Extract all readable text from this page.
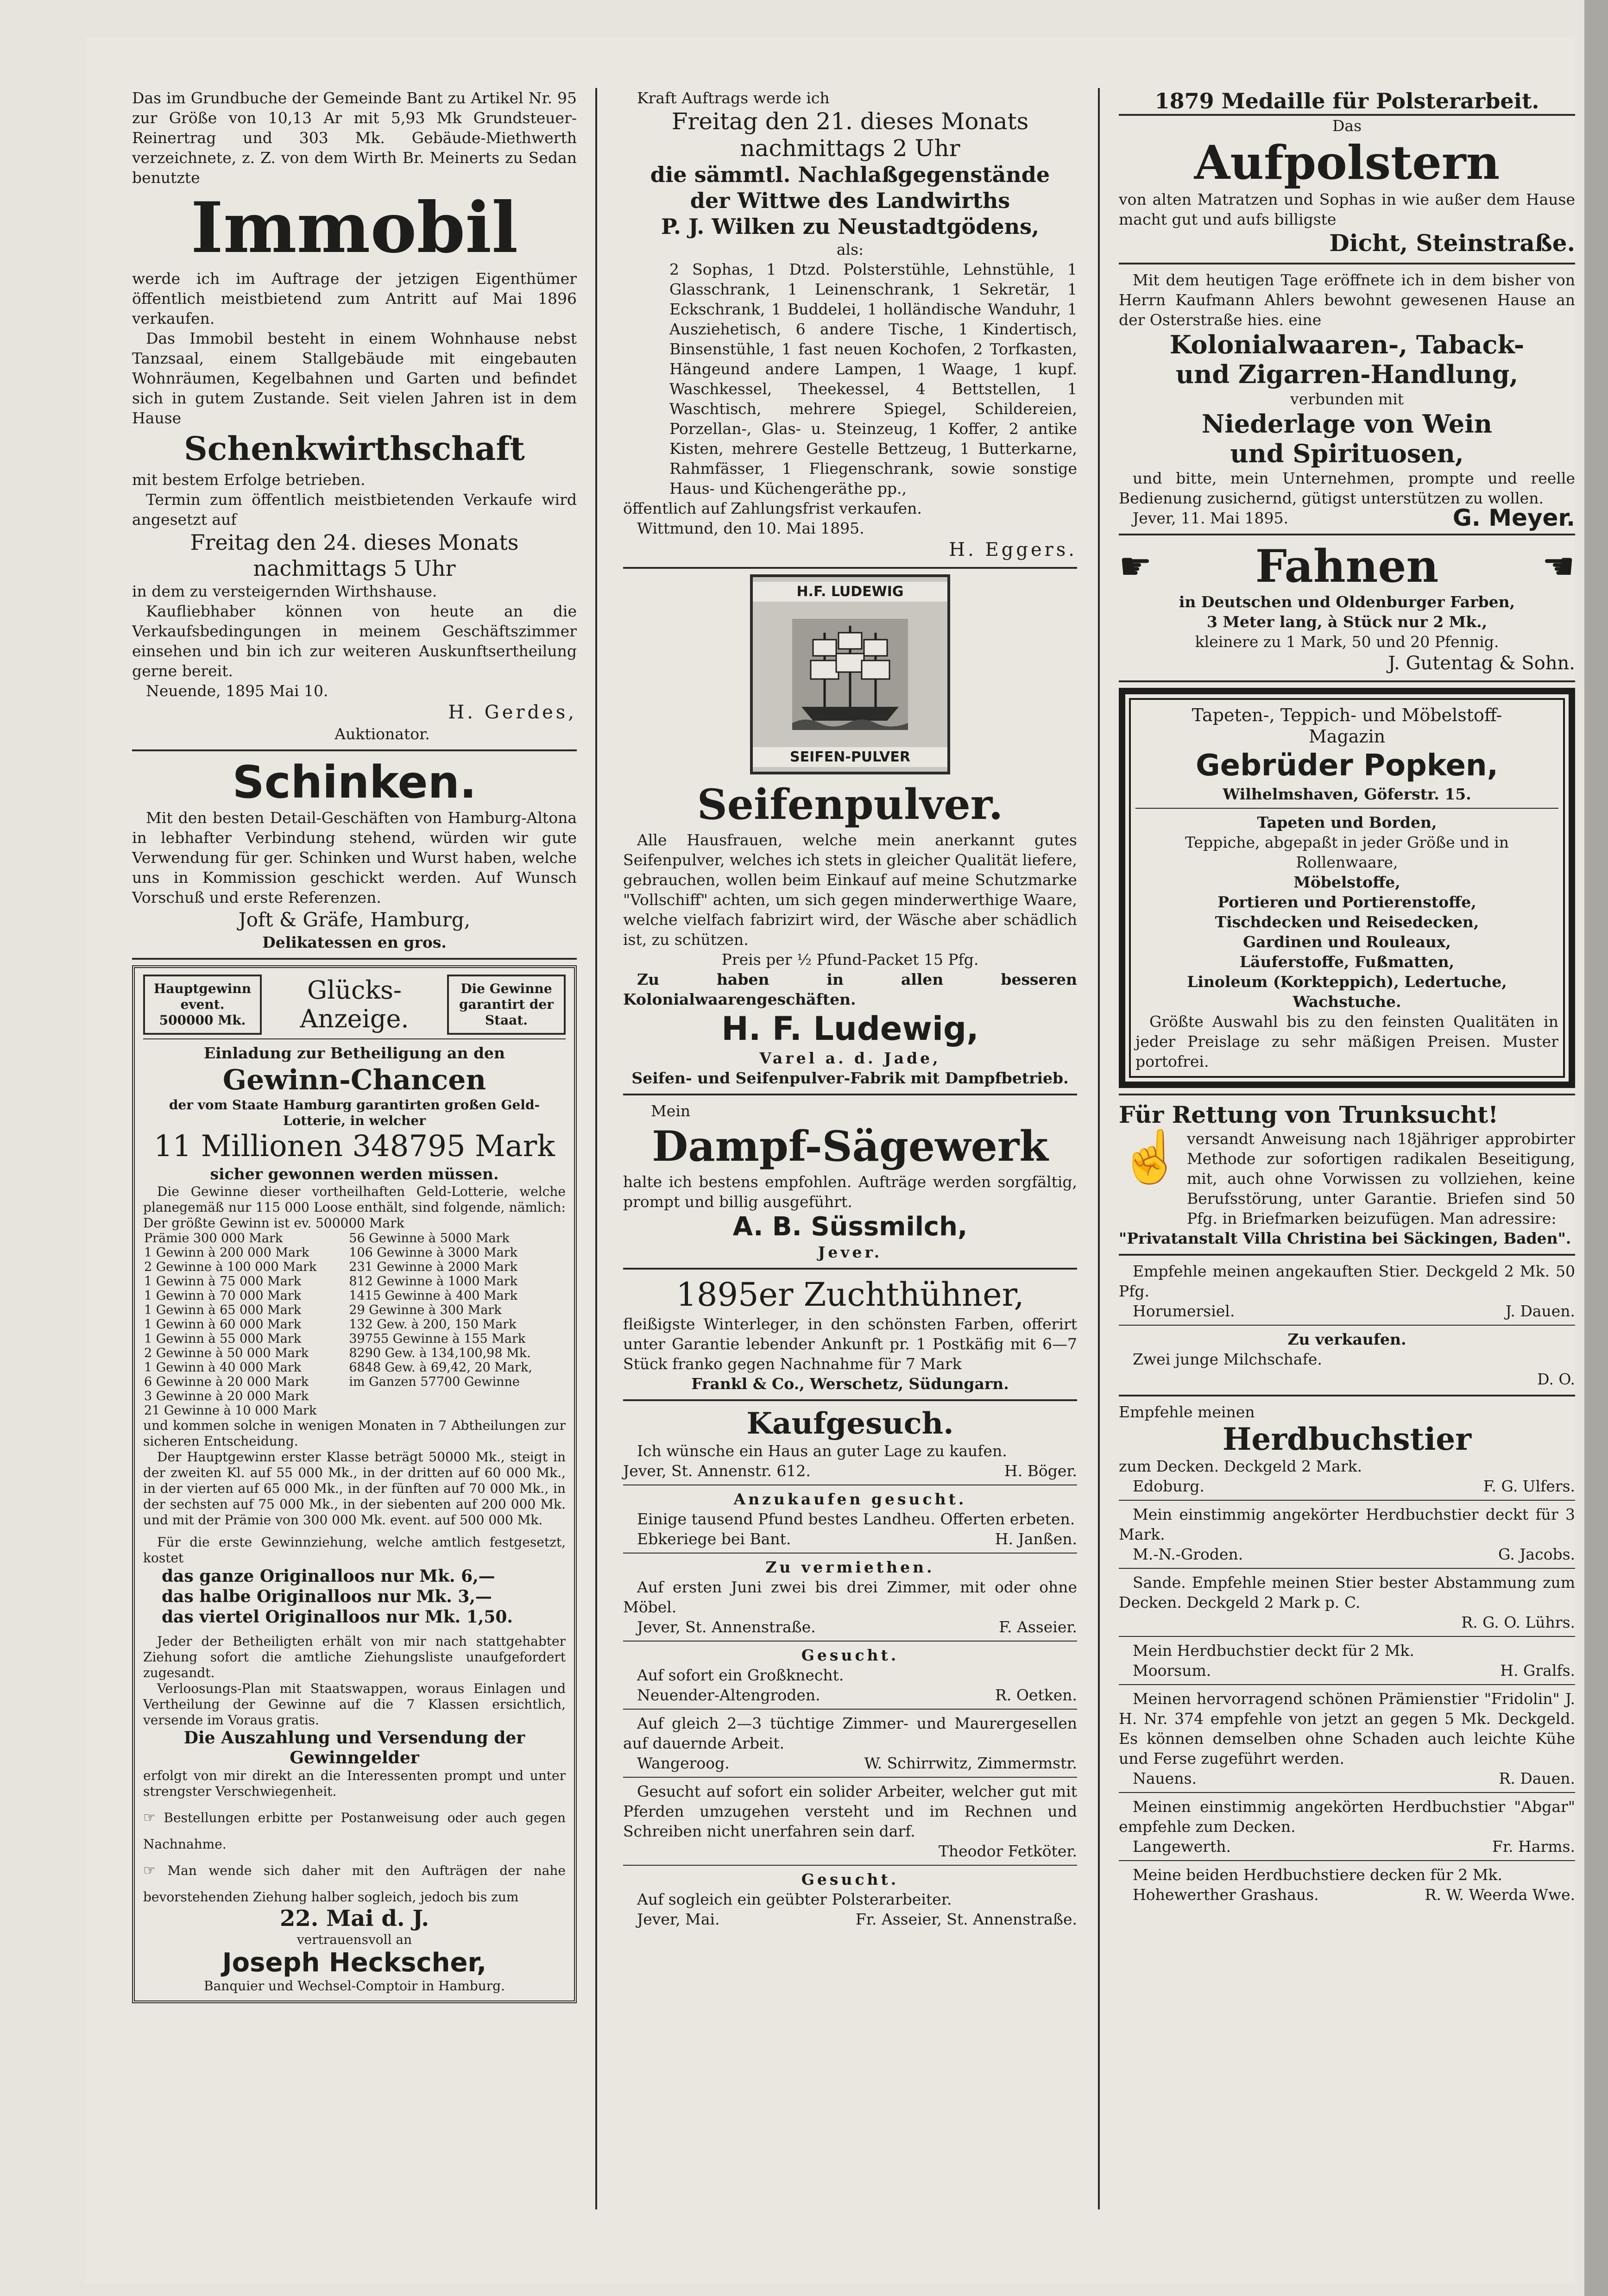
Das im Grundbuche der Gemeinde Bant zu Artikel Nr. 95 zur Größe von 10,13 Ar mit 5,93 Mk Grundsteuer-Reinertrag und 303 Mk. Gebäude-Miethwerth verzeichnete, z. Z. von dem Wirth Br. Meinerts zu Sedan benutzte

Immobil

werde ich im Auftrage der jetzigen Eigenthümer öffentlich meistbietend zum Antritt auf Mai 1896 verkaufen.

Das Immobil besteht in einem Wohnhause nebst Tanzsaal, einem Stallgebäude mit eingebauten Wohnräumen, Kegelbahnen und Garten und befindet sich in gutem Zustande. Seit vielen Jahren ist in dem Hause

Schenkwirthschaft

mit bestem Erfolge betrieben.

Termin zum öffentlich meistbietenden Verkaufe wird angesetzt auf

Freitag den 24. dieses Monats

nachmittags 5 Uhr

in dem zu versteigernden Wirthshause.

Kaufliebhaber können von heute an die Verkaufsbedingungen in meinem Geschäftszimmer einsehen und bin ich zur weiteren Auskunftsertheilung gerne bereit.

Neuende, 1895 Mai 10.

H. Gerdes,

Auktionator.

Schinken.

Mit den besten Detail-Geschäften von Hamburg-Altona in lebhafter Verbindung stehend, würden wir gute Verwendung für ger. Schinken und Wurst haben, welche uns in Kommission geschickt werden. Auf Wunsch Vorschuß und erste Referenzen.

Joft & Gräfe, Hamburg,

Delikatessen en gros.

Hauptgewinn event. 500000 Mk.

Glücks-

Anzeige.

Die Gewinne garantirt der Staat.

Einladung zur Betheiligung an den

Gewinn-Chancen

der vom Staate Hamburg garantirten großen Geld-Lotterie, in welcher

11 Millionen 348795 Mark

sicher gewonnen werden müssen.

Die Gewinne dieser vortheilhaften Geld-Lotterie, welche planegemäß nur 115 000 Loose enthält, sind folgende, nämlich: Der größte Gewinn ist ev. 500000 Mark

Prämie 300 000 Mark	56 Gewinne à 5000 Mark
1 Gewinn à 200 000 Mark	106 Gewinne à 3000 Mark
2 Gewinne à 100 000 Mark	231 Gewinne à 2000 Mark
1 Gewinn à 75 000 Mark	812 Gewinne à 1000 Mark
1 Gewinn à 70 000 Mark	1415 Gewinne à 400 Mark
1 Gewinn à 65 000 Mark	29 Gewinne à 300 Mark
1 Gewinn à 60 000 Mark	132 Gew. à 200, 150 Mark
1 Gewinn à 55 000 Mark	39755 Gewinne à 155 Mark
2 Gewinne à 50 000 Mark	8290 Gew. à 134,100,98 Mk.
1 Gewinn à 40 000 Mark	6848 Gew. à 69,42, 20 Mark,
6 Gewinne à 20 000 Mark	im Ganzen 57700 Gewinne
3 Gewinne à 20 000 Mark	
21 Gewinne à 10 000 Mark	

und kommen solche in wenigen Monaten in 7 Abtheilungen zur sicheren Entscheidung.

Der Hauptgewinn erster Klasse beträgt 50000 Mk., steigt in der zweiten Kl. auf 55 000 Mk., in der dritten auf 60 000 Mk., in der vierten auf 65 000 Mk., in der fünften auf 70 000 Mk., in der sechsten auf 75 000 Mk., in der siebenten auf 200 000 Mk. und mit der Prämie von 300 000 Mk. event. auf 500 000 Mk.

Für die erste Gewinnziehung, welche amtlich festgesetzt, kostet

das ganze Originalloos nur Mk. 6,—

das halbe Originalloos nur Mk. 3,—

das viertel Originalloos nur Mk. 1,50.

Jeder der Betheiligten erhält von mir nach stattgehabter Ziehung sofort die amtliche Ziehungsliste unaufgefordert zugesandt.

Verloosungs-Plan mit Staatswappen, woraus Einlagen und Vertheilung der Gewinne auf die 7 Klassen ersichtlich, versende im Voraus gratis.

Die Auszahlung und Versendung der Gewinngelder

erfolgt von mir direkt an die Interessenten prompt und unter strengster Verschwiegenheit.

☞ Bestellungen erbitte per Postanweisung oder auch gegen Nachnahme.

☞ Man wende sich daher mit den Aufträgen der nahe bevorstehenden Ziehung halber sogleich, jedoch bis zum

22. Mai d. J.

vertrauensvoll an

Joseph Heckscher,

Banquier und Wechsel-Comptoir in Hamburg.

Kraft Auftrags werde ich

Freitag den 21. dieses Monats

nachmittags 2 Uhr

die sämmtl. Nachlaßgegenstände

der Wittwe des Landwirths

P. J. Wilken zu Neustadtgödens,

als:

2 Sophas, 1 Dtzd. Polsterstühle, Lehnstühle, 1 Glasschrank, 1 Leinenschrank, 1 Sekretär, 1 Eckschrank, 1 Buddelei, 1 holländische Wanduhr, 1 Ausziehetisch, 6 andere Tische, 1 Kindertisch, Binsenstühle, 1 fast neuen Kochofen, 2 Torfkasten, Hängeund andere Lampen, 1 Waage, 1 kupf. Waschkessel, Theekessel, 4 Bettstellen, 1 Waschtisch, mehrere Spiegel, Schildereien, Porzellan-, Glas- u. Steinzeug, 1 Koffer, 2 antike Kisten, mehrere Gestelle Bettzeug, 1 Butterkarne, Rahmfässer, 1 Fliegenschrank, sowie sonstige Haus- und Küchengeräthe pp.,

öffentlich auf Zahlungsfrist verkaufen.

Wittmund, den 10. Mai 1895.

H. Eggers.

H.F. LUDEWIG
SEIFEN-PULVER

Seifenpulver.

Alle Hausfrauen, welche mein anerkannt gutes Seifenpulver, welches ich stets in gleicher Qualität liefere, gebrauchen, wollen beim Einkauf auf meine Schutzmarke "Vollschiff" achten, um sich gegen minderwerthige Waare, welche vielfach fabrizirt wird, der Wäsche aber schädlich ist, zu schützen.

Preis per ½ Pfund-Packet 15 Pfg.

Zu haben in allen besseren Kolonialwaarengeschäften.

H. F. Ludewig,

Varel a. d. Jade,

Seifen- und Seifenpulver-Fabrik mit Dampfbetrieb.

Mein

Dampf-Sägewerk

halte ich bestens empfohlen. Aufträge werden sorgfältig, prompt und billig ausgeführt.

A. B. Süssmilch,

Jever.

1895er Zuchthühner,

fleißigste Winterleger, in den schönsten Farben, offerirt unter Garantie lebender Ankunft pr. 1 Postkäfig mit 6—7 Stück franko gegen Nachnahme für 7 Mark

Frankl & Co., Werschetz, Südungarn.

Kaufgesuch.

Ich wünsche ein Haus an guter Lage zu kaufen.

Jever, St. Annenstr. 612.	H. Böger.

Anzukaufen gesucht.

Einige tausend Pfund bestes Landheu. Offerten erbeten.

Ebkeriege bei Bant.	H. Janßen.

Zu vermiethen.

Auf ersten Juni zwei bis drei Zimmer, mit oder ohne Möbel.

Jever, St. Annenstraße.	F. Asseier.

Gesucht.

Auf sofort ein Großknecht.

Neuender-Altengroden.	R. Oetken.

Auf gleich 2—3 tüchtige Zimmer- und Maurergesellen auf dauernde Arbeit.

Wangeroog.	W. Schirrwitz, Zimmermstr.

Gesucht auf sofort ein solider Arbeiter, welcher gut mit Pferden umzugehen versteht und im Rechnen und Schreiben nicht unerfahren sein darf.

Theodor Fetköter.

Gesucht.

Auf sogleich ein geübter Polsterarbeiter.

Jever, Mai.	Fr. Asseier, St. Annenstraße.

1879 Medaille für Polsterarbeit.

Das

Aufpolstern

von alten Matratzen und Sophas in wie außer dem Hause macht gut und aufs billigste

Dicht, Steinstraße.

Mit dem heutigen Tage eröffnete ich in dem bisher von Herrn Kaufmann Ahlers bewohnt gewesenen Hause an der Osterstraße hies. eine

Kolonialwaaren-, Taback-

und Zigarren-Handlung,

verbunden mit

Niederlage von Wein

und Spirituosen,

und bitte, mein Unternehmen, prompte und reelle Bedienung zusichernd, gütigst unterstützen zu wollen.

Jever, 11. Mai 1895.	G. Meyer.
☛ Fahnen	☚

in Deutschen und Oldenburger Farben,

3 Meter lang, à Stück nur 2 Mk.,

kleinere zu 1 Mark, 50 und 20 Pfennig.

J. Gutentag & Sohn.

Tapeten-, Teppich- und Möbelstoff-

Magazin

Gebrüder Popken,

Wilhelmshaven, Göferstr. 15.

Tapeten und Borden,

Teppiche, abgepaßt in jeder Größe und in Rollenwaare,

Möbelstoffe,

Portieren und Portierenstoffe,

Tischdecken und Reisedecken,

Gardinen und Rouleaux,

Läuferstoffe, Fußmatten,

Linoleum (Korkteppich), Ledertuche,

Wachstuche.

Größte Auswahl bis zu den feinsten Qualitäten in jeder Preislage zu sehr mäßigen Preisen. Muster portofrei.

Für Rettung von Trunksucht!

☝ versandt Anweisung nach 18jähriger approbirter Methode zur sofortigen radikalen Beseitigung, mit, auch ohne Vorwissen zu vollziehen, keine Berufsstörung, unter Garantie. Briefen sind 50 Pfg. in Briefmarken beizufügen. Man adressire:

"Privatanstalt Villa Christina bei Säckingen, Baden".

Empfehle meinen angekauften Stier. Deckgeld 2 Mk. 50 Pfg.

Horumersiel.	J. Dauen.

Zu verkaufen.

Zwei junge Milchschafe.

D. O.

Empfehle meinen

Herdbuchstier

zum Decken. Deckgeld 2 Mark.

Edoburg.	F. G. Ulfers.

Mein einstimmig angekörter Herdbuchstier deckt für 3 Mark.

M.-N.-Groden.	G. Jacobs.

Sande. Empfehle meinen Stier bester Abstammung zum Decken. Deckgeld 2 Mark p. C.

R. G. O. Lührs.

Mein Herdbuchstier deckt für 2 Mk.

Moorsum.	H. Gralfs.

Meinen hervorragend schönen Prämienstier "Fridolin" J. H. Nr. 374 empfehle von jetzt an gegen 5 Mk. Deckgeld. Es können demselben ohne Schaden auch leichte Kühe und Ferse zugeführt werden.

Nauens.	R. Dauen.

Meinen einstimmig angekörten Herdbuchstier "Abgar" empfehle zum Decken.

Langewerth.	Fr. Harms.

Meine beiden Herdbuchstiere decken für 2 Mk.

Hohewerther Grashaus.	R. W. Weerda Wwe.
